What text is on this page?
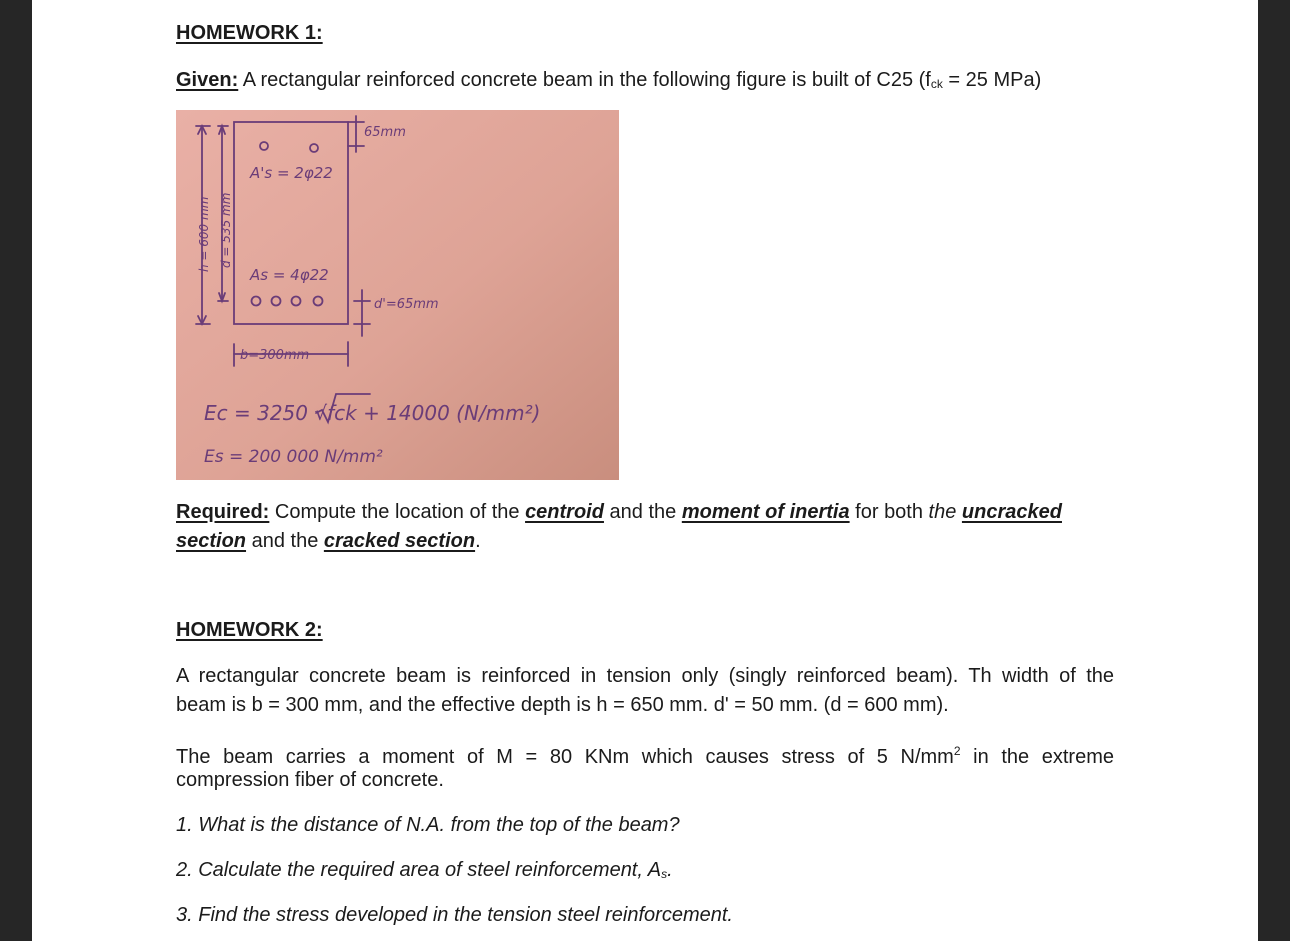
HOMEWORK 1:

Given: A rectangular reinforced concrete beam in the following figure is built of C25 (fck = 25 MPa)

Required: Compute the location of the centroid and the moment of inertia for both the uncracked

section and the cracked section.

HOMEWORK 2:

A rectangular concrete beam is reinforced in tension only (singly reinforced beam). Th width of the

beam is b = 300 mm, and the effective depth is h = 650 mm. dʹ = 50 mm. (d = 600 mm).

The beam carries a moment of M = 80 KNm which causes stress of 5 $N/mm^2$ in the extreme

compression fiber of concrete.

1. What is the distance of N.A. from the top of the beam?

2. Calculate the required area of steel reinforcement, As.

3. Find the stress developed in the tension steel reinforcement.

65mm
A's = 2φ22
As = 4φ22
d'=65mm
b=300mm
h = 600 mm d = 535 mm
Ec = 3250 √fck + 14000 (N/mm²)
Es = 200 000 N/mm²
